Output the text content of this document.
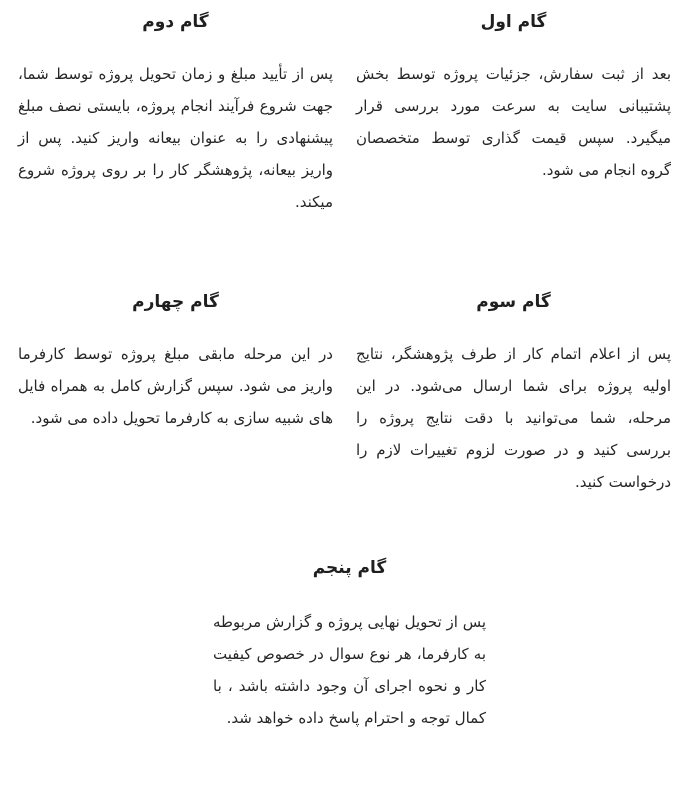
گام اول

بعد از ثبت سفارش، جزئیات پروژه توسط بخش پشتیبانی سایت به سرعت مورد بررسی قرار میگیرد. سپس قیمت گذاری توسط متخصصان گروه انجام می شود.

گام دوم

پس از تأیید مبلغ و زمان تحویل پروژه توسط شما، جهت شروع فرآیند انجام پروژه، بایستی نصف مبلغ پیشنهادی را به عنوان بیعانه واریز کنید. پس از واریز بیعانه، پژوهشگر کار را بر روی پروژه شروع میکند.

گام سوم

پس از اعلام اتمام کار از طرف پژوهشگر، نتایج اولیه پروژه برای شما ارسال می‌شود. در این مرحله، شما می‌توانید با دقت نتایج پروژه را بررسی کنید و در صورت لزوم تغییرات لازم را درخواست کنید.

گام چهارم

در این مرحله مابقی مبلغ پروژه توسط کارفرما واریز می شود. سپس گزارش کامل به همراه فایل های شبیه سازی به کارفرما تحویل داده می شود.

گام پنجم

پس از تحویل نهایی پروژه و گزارش مربوطه به کارفرما، هر نوع سوال در خصوص کیفیت کار و نحوه اجرای آن وجود داشته باشد ، با کمال توجه و احترام پاسخ داده خواهد شد.
